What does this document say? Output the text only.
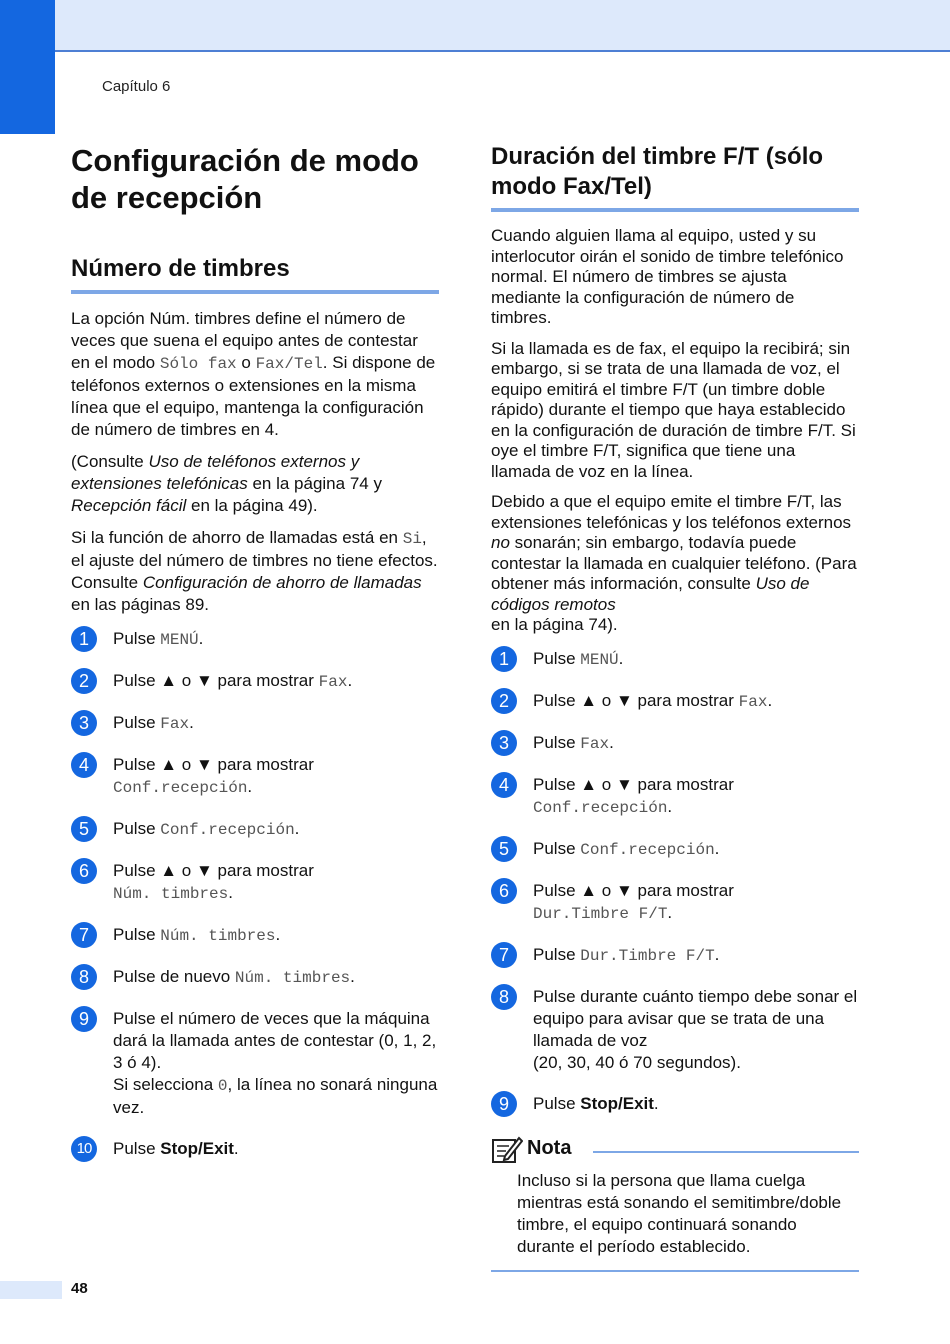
Capítulo 6
Configuración de modo de recepción
Número de timbres

La opción Núm. timbres define el número de veces que suena el equipo antes de contestar en el modo Sólo fax o Fax/Tel. Si dispone de teléfonos externos o extensiones en la misma línea que el equipo, mantenga la configuración de número de timbres en 4.

(Consulte Uso de teléfonos externos y extensiones telefónicas en la página 74 y Recepción fácil en la página 49).

Si la función de ahorro de llamadas está en Si, el ajuste del número de timbres no tiene efectos. Consulte Configuración de ahorro de llamadas en las páginas 89.

1	Pulse MENÚ.
2	Pulse ▲ o ▼ para mostrar Fax.
3	Pulse Fax.
4	Pulse ▲ o ▼ para mostrar
Conf.recepción.
5	Pulse Conf.recepción.
6	Pulse ▲ o ▼ para mostrar
Núm. timbres.
7	Pulse Núm. timbres.
8	Pulse de nuevo Núm. timbres.
9	Pulse el número de veces que la máquina dará la llamada antes de contestar (0, 1, 2, 3 ó 4).
Si selecciona 0, la línea no sonará ninguna vez.
10	Pulse Stop/Exit.
Duración del timbre F/T (sólo modo Fax/Tel)

Cuando alguien llama al equipo, usted y su interlocutor oirán el sonido de timbre telefónico normal. El número de timbres se ajusta mediante la configuración de número de timbres.

Si la llamada es de fax, el equipo la recibirá; sin embargo, si se trata de una llamada de voz, el equipo emitirá el timbre F/T (un timbre doble rápido) durante el tiempo que haya establecido en la configuración de duración de timbre F/T. Si oye el timbre F/T, significa que tiene una llamada de voz en la línea.

Debido a que el equipo emite el timbre F/T, las extensiones telefónicas y los teléfonos externos no sonarán; sin embargo, todavía puede contestar la llamada en cualquier teléfono. (Para obtener más información, consulte Uso de códigos remotos
en la página 74).

1	Pulse MENÚ.
2	Pulse ▲ o ▼ para mostrar Fax.
3	Pulse Fax.
4	Pulse ▲ o ▼ para mostrar
Conf.recepción.
5	Pulse Conf.recepción.
6	Pulse ▲ o ▼ para mostrar
Dur.Timbre F/T.
7	Pulse Dur.Timbre F/T.
8	Pulse durante cuánto tiempo debe sonar el equipo para avisar que se trata de una llamada de voz
(20, 30, 40 ó 70 segundos).
9	Pulse Stop/Exit.
Nota
Incluso si la persona que llama cuelga mientras está sonando el semitimbre/doble timbre, el equipo continuará sonando durante el período establecido.
48
